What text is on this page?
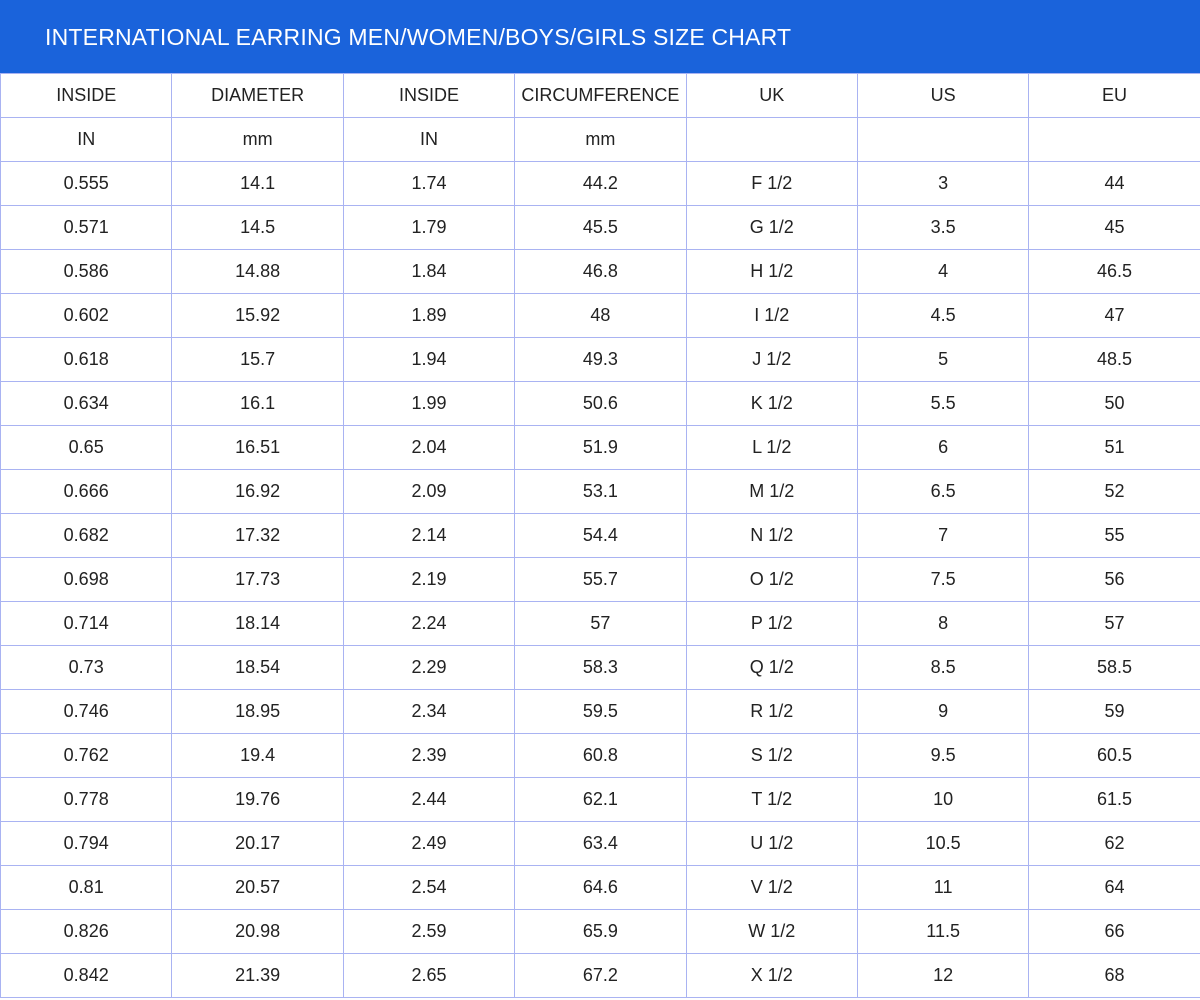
INTERNATIONAL EARRING MEN/WOMEN/BOYS/GIRLS SIZE CHART
INSIDE	DIAMETER	INSIDE	CIRCUMFERENCE	UK	US	EU
IN	mm	IN	mm			
0.555	14.1	1.74	44.2	F 1/2	3	44
0.571	14.5	1.79	45.5	G 1/2	3.5	45
0.586	14.88	1.84	46.8	H 1/2	4	46.5
0.602	15.92	1.89	48	I 1/2	4.5	47
0.618	15.7	1.94	49.3	J 1/2	5	48.5
0.634	16.1	1.99	50.6	K 1/2	5.5	50
0.65	16.51	2.04	51.9	L 1/2	6	51
0.666	16.92	2.09	53.1	M 1/2	6.5	52
0.682	17.32	2.14	54.4	N 1/2	7	55
0.698	17.73	2.19	55.7	O 1/2	7.5	56
0.714	18.14	2.24	57	P 1/2	8	57
0.73	18.54	2.29	58.3	Q 1/2	8.5	58.5
0.746	18.95	2.34	59.5	R 1/2	9	59
0.762	19.4	2.39	60.8	S 1/2	9.5	60.5
0.778	19.76	2.44	62.1	T 1/2	10	61.5
0.794	20.17	2.49	63.4	U 1/2	10.5	62
0.81	20.57	2.54	64.6	V 1/2	11	64
0.826	20.98	2.59	65.9	W 1/2	11.5	66
0.842	21.39	2.65	67.2	X 1/2	12	68
